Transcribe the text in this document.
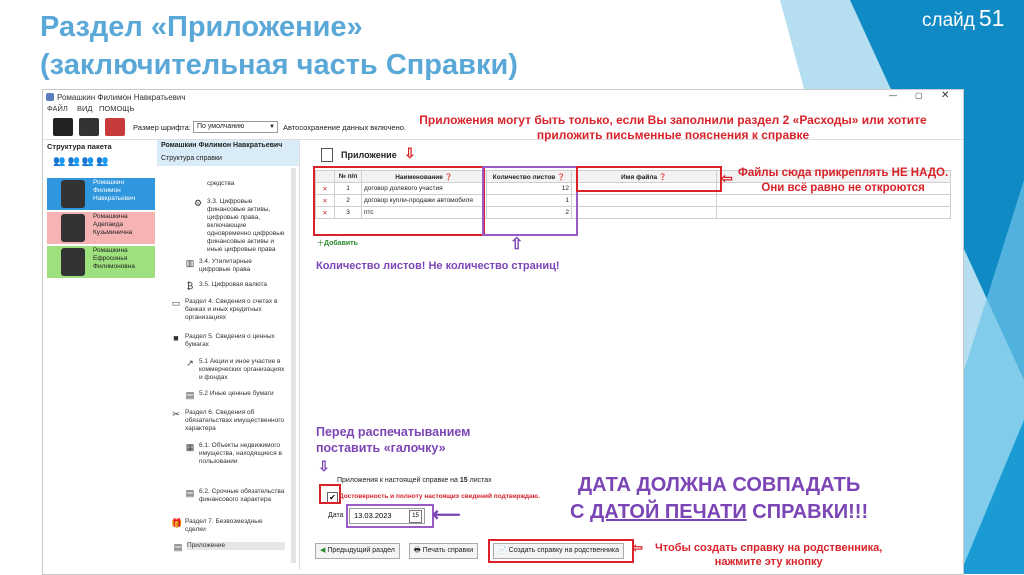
Раздел «Приложение»
(заключительная часть Справки)
слайд 51
Ромашкин Филимон Навкратьевич	— ▢ ✕
ФАЙЛ ВИД ПОМОЩЬ
Размер шрифта: По умолчанию	▼ Автосохранение данных включено.
Структура пакета
👥👥👥👥
Ромашкин Филимон Навкратьевич
Ромашкина Аделаида Кузьминична
Ромашкина Ефросинья Филимоновна
Ромашкин Филимон Навкратьевич
Структура справки
средства
3.3. Цифровые финансовые активы, цифровые права, включающие одновременно цифровые финансовые активы и иные цифровые права
⚙
3.4. Утилитарные цифровые права
▥
3.5. Цифровая валюта
₿
Раздел 4. Сведения о счетах в банках и иных кредитных организациях
▭
Раздел 5. Сведения о ценных бумагах
■
5.1 Акции и иное участие в коммерческих организациях и фондах
↗
5.2 Иные ценные бумаги
▤
Раздел 6. Сведения об обязательствах имущественного характера
✂
6.1. Объекты недвижимого имущества, находящиеся в пользовании
▦
6.2. Срочные обязательства финансового характера
▤
Раздел 7. Безвозмездные сделки
🎁
Приложение
▤
Приложение
	№ п/п	Наименование ❓	Количество листов ❓	Имя файла ❓	
✕	1	договор долевого участия	12		
✕	2	договор купли-продажи автомобиля	1		
✕	3	птс	2		
＋Добавить
Приложения к настоящей справке на 15 листах
✔ Достоверность и полноту настоящих сведений подтверждаю.
Дата	13.03.2023	15
◀ Предыдущий раздел	🖶 Печать справки	📄 Создать справку на родственника
Приложения могут быть только, если Вы заполнили раздел 2 «Расходы» или хотите приложить письменные пояснения к справке
⇩
⇦ Файлы сюда прикреплять НЕ НАДО.
Они всё равно не откроются
⇧
Количество листов! Не количество страниц!
Перед распечатыванием
поставить «галочку»
⇩
⟵
ДАТА ДОЛЖНА СОВПАДАТЬ
С ДАТОЙ ПЕЧАТИ СПРАВКИ!!!
⇦ Чтобы создать справку на родственника,
нажмите эту кнопку
